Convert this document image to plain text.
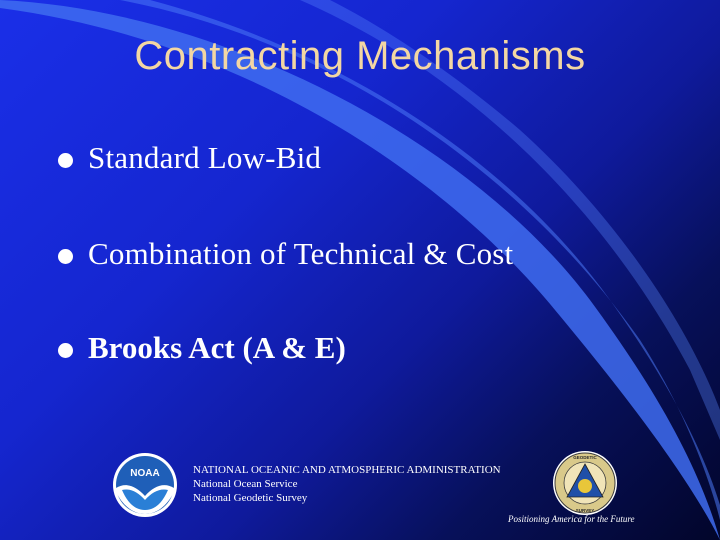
Contracting Mechanisms
Standard Low-Bid
Combination of Technical & Cost
Brooks Act (A & E)
NOAA	NATIONAL OCEANIC AND ATMOSPHERIC ADMINISTRATION
National Ocean Service
National Geodetic Survey
GEODETIC
SURVEY
Positioning America for the Future
